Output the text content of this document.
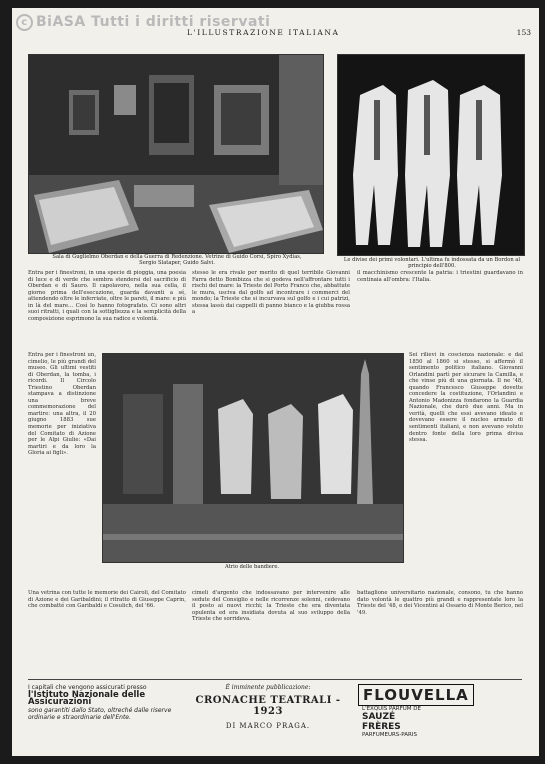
c BiASA Tutti i diritti riservati
L'ILLUSTRAZIONE ITALIANA	153
Sala di Guglielmo Oberdan e della Guerra di Redenzione. Vetrine di Guido Corsi, Spiro Xydias, Sergio Slataper, Guido Salvi.
Le divise dei primi volontari. L'ultima fu indossata da un Bordon al principio dell'800.
Entra per i finestroni, in una specie di pioggia, una poesia di luce e di verde che sembra stendersi del sacrificio di Oberdan e di Sauro. Il capolavoro, nella sua cella, il giorno prima dell'esecuzione, guarda davanti a sé, attendendo oltre le inferriate, oltre le pareti, il mare: e più in là del mare... Così lo hanno fotografato. Ci sono altri suoi ritratti, i quali con la sottigliezza e la semplicità della composizione esprimono la sua radice e volontà.
Entra per i finestroni un, cimelio, le più grandi del museo. Gli ultimi vestiti di Oberdan, la tomba, i ricordi. Il Circolo Triestino Oberdan stampava a distinzione una breve commemorazione del martire: una altra, il 20 giugno 1883 sue memorie per iniziativa del Comitato di Azione per le Alpi Giulie: «Dai martiri e da loro la Gloria ai figli».
Una vetrina con tutte le memorie dei Cairoli, del Comitato di Azione e dei Garibaldini; il ritratto di Giuseppe Caprin, che combatté con Garibaldi e Cosulich, del '66.
stesso le era rivale per merito di quel terribile Giovanni Farra detto Bombizza che si godeva nell'affrontare tutti i rischi del mare: la Trieste del Porto Franco che, abbattute le mura, usciva dal golfo ad incontrare i commerci del mondo; la Trieste che si incurvava sul golfo e i cui patrizi, stessa lassù dai cappelli di panno bianco e la giubba rossa a
cimeli d'argento che indossavano per intervenire alle sedute del Consiglio e nelle ricorrenze solenni, cedevano il posto ai nuovi ricchi; la Trieste che era diventata opulenta ed era insidiata dovuta al suo sviluppo della Trieste che sorrideva.
Atrio delle bandiere.
il macchinismo crescente la patria: i triestini guardavano in centinaia all'ombra: l'Italia.
Sei rilievi in coscienza nazionale: e dal 1850 al 1860 si stesso, si affermò il sentimento politico italiano. Giovanni Orlandini partì per sicurare la Camilla, e che vinse più di una giornata. Il ne '48, quando Francesco Giuseppe dovette concedere la costituzione, l'Orlandini e Antonio Madonizza fondarono la Guardia Nazionale, che durò due anni. Ma in verità, quelli che essi avevano ideato e dovevano essere il nucleo armato di sentimenti italiani, e non avevano voluto dentro fonte della loro prima divisa stessa.
battaglione universitario nazionale, consono, tu che hanno dato volontà le quattro più grandi e rappresentate loro la Trieste del '48, e dei Vicentini al Ossario di Monte Berico, nel '49.
I capitali che vengono assicurati presso
l'Istituto Nazionale delle Assicurazioni
sono garantiti dallo Stato, oltreché dalle riserve ordinarie e straordinarie dell'Ente.
È imminente pubblicazione:
CRONACHE TEATRALI - 1923
DI MARCO PRAGA.
FLOUVELLA
L'EXQUIS PARFUM DE
SAUZÉ FRÈRES
PARFUMEURS-PARIS
